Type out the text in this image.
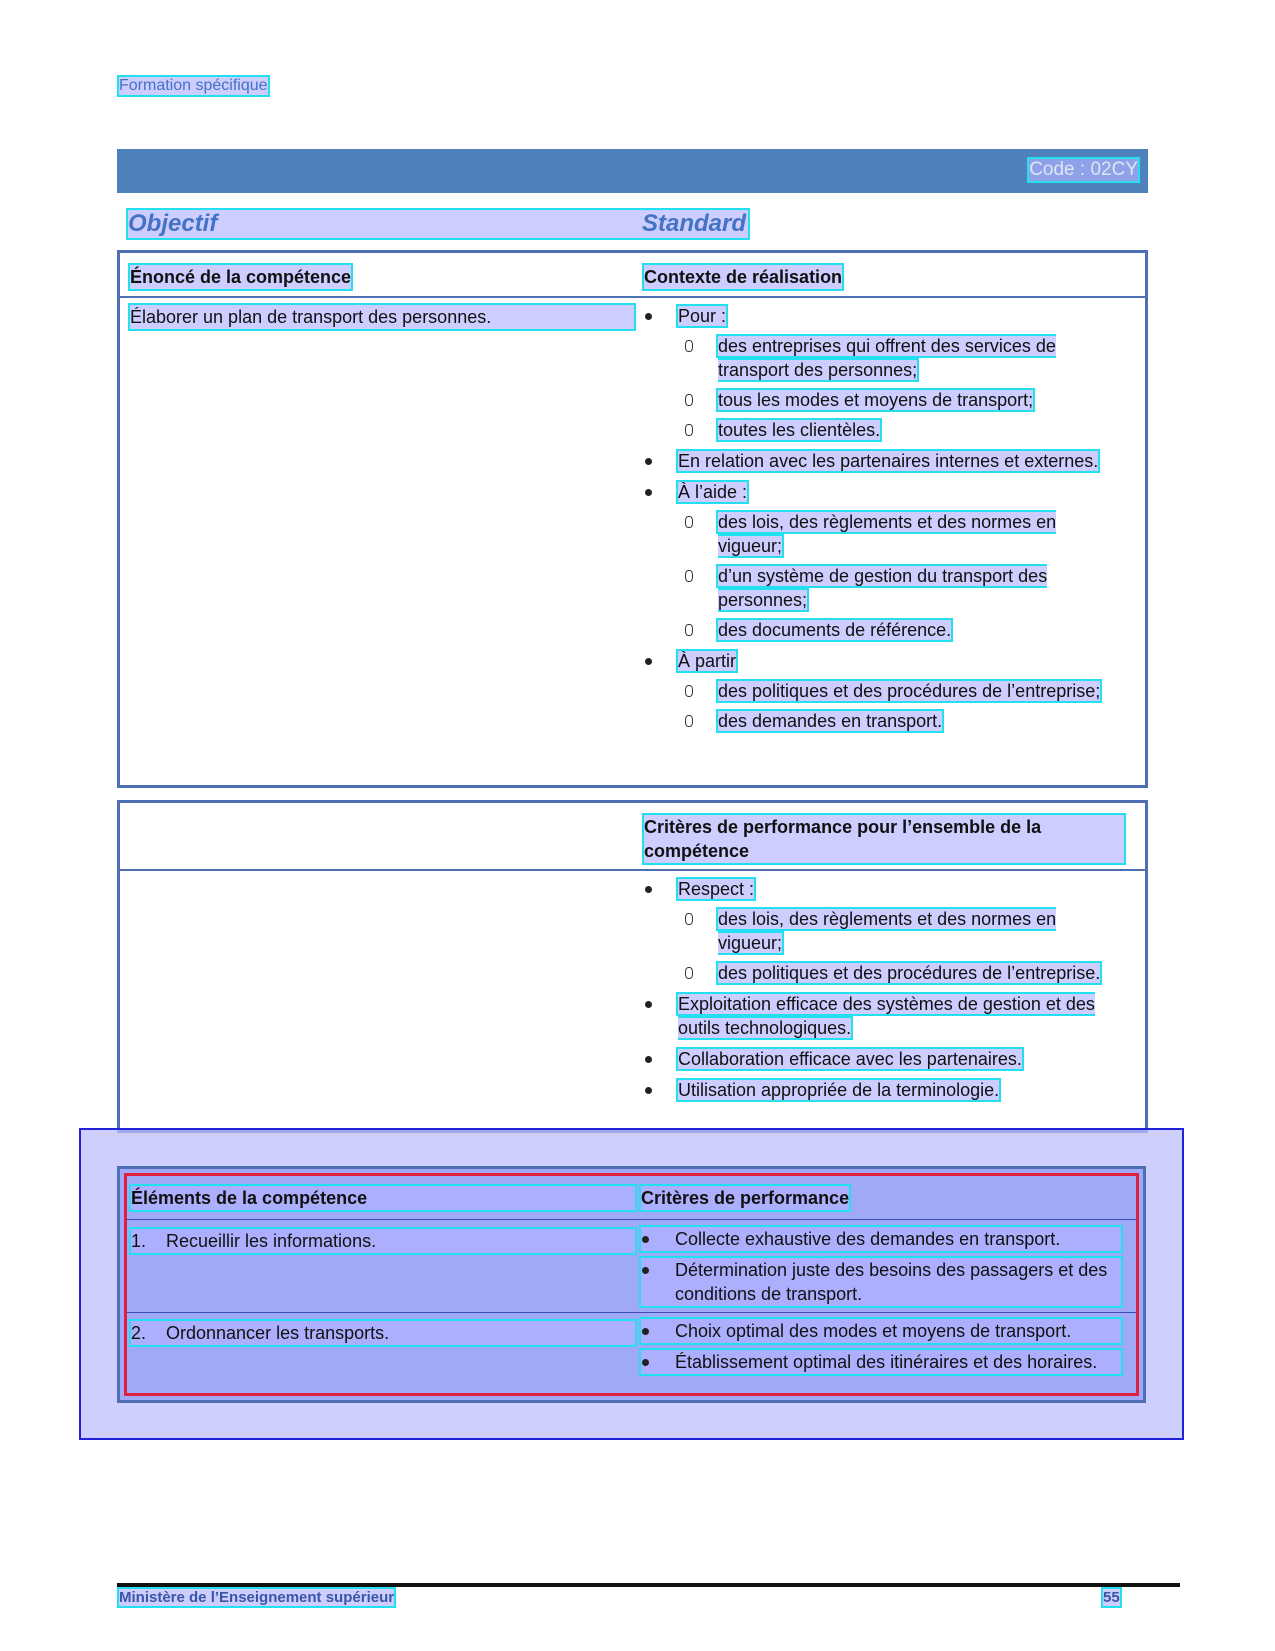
Formation spécifique
Code : 02CY
Objectif	Standard
Énoncé de la compétence	Contexte de réalisation
Élaborer un plan de transport des personnes.	Pour :
des entreprises qui offrent des services de transport des personnes;
tous les modes et moyens de transport;
toutes les clientèles.
En relation avec les partenaires internes et externes.
À l’aide :
des lois, des règlements et des normes en vigueur;
d’un système de gestion du transport des personnes;
des documents de référence.
À partir
des politiques et des procédures de l’entreprise;
des demandes en transport.
Critères de performance pour l’ensemble de la compétence
Respect :
des lois, des règlements et des normes en vigueur;
des politiques et des procédures de l’entreprise.
Exploitation efficace des systèmes de gestion et des outils technologiques.
Collaboration efficace avec les partenaires.
Utilisation appropriée de la terminologie.
Éléments de la compétence	Critères de performance
1. Recueillir les informations.	Collecte exhaustive des demandes en transport.
Détermination juste des besoins des passagers et des conditions de transport.
2. Ordonnancer les transports.	Choix optimal des modes et moyens de transport.
Établissement optimal des itinéraires et des horaires.
Ministère de l’Enseignement supérieur	55
